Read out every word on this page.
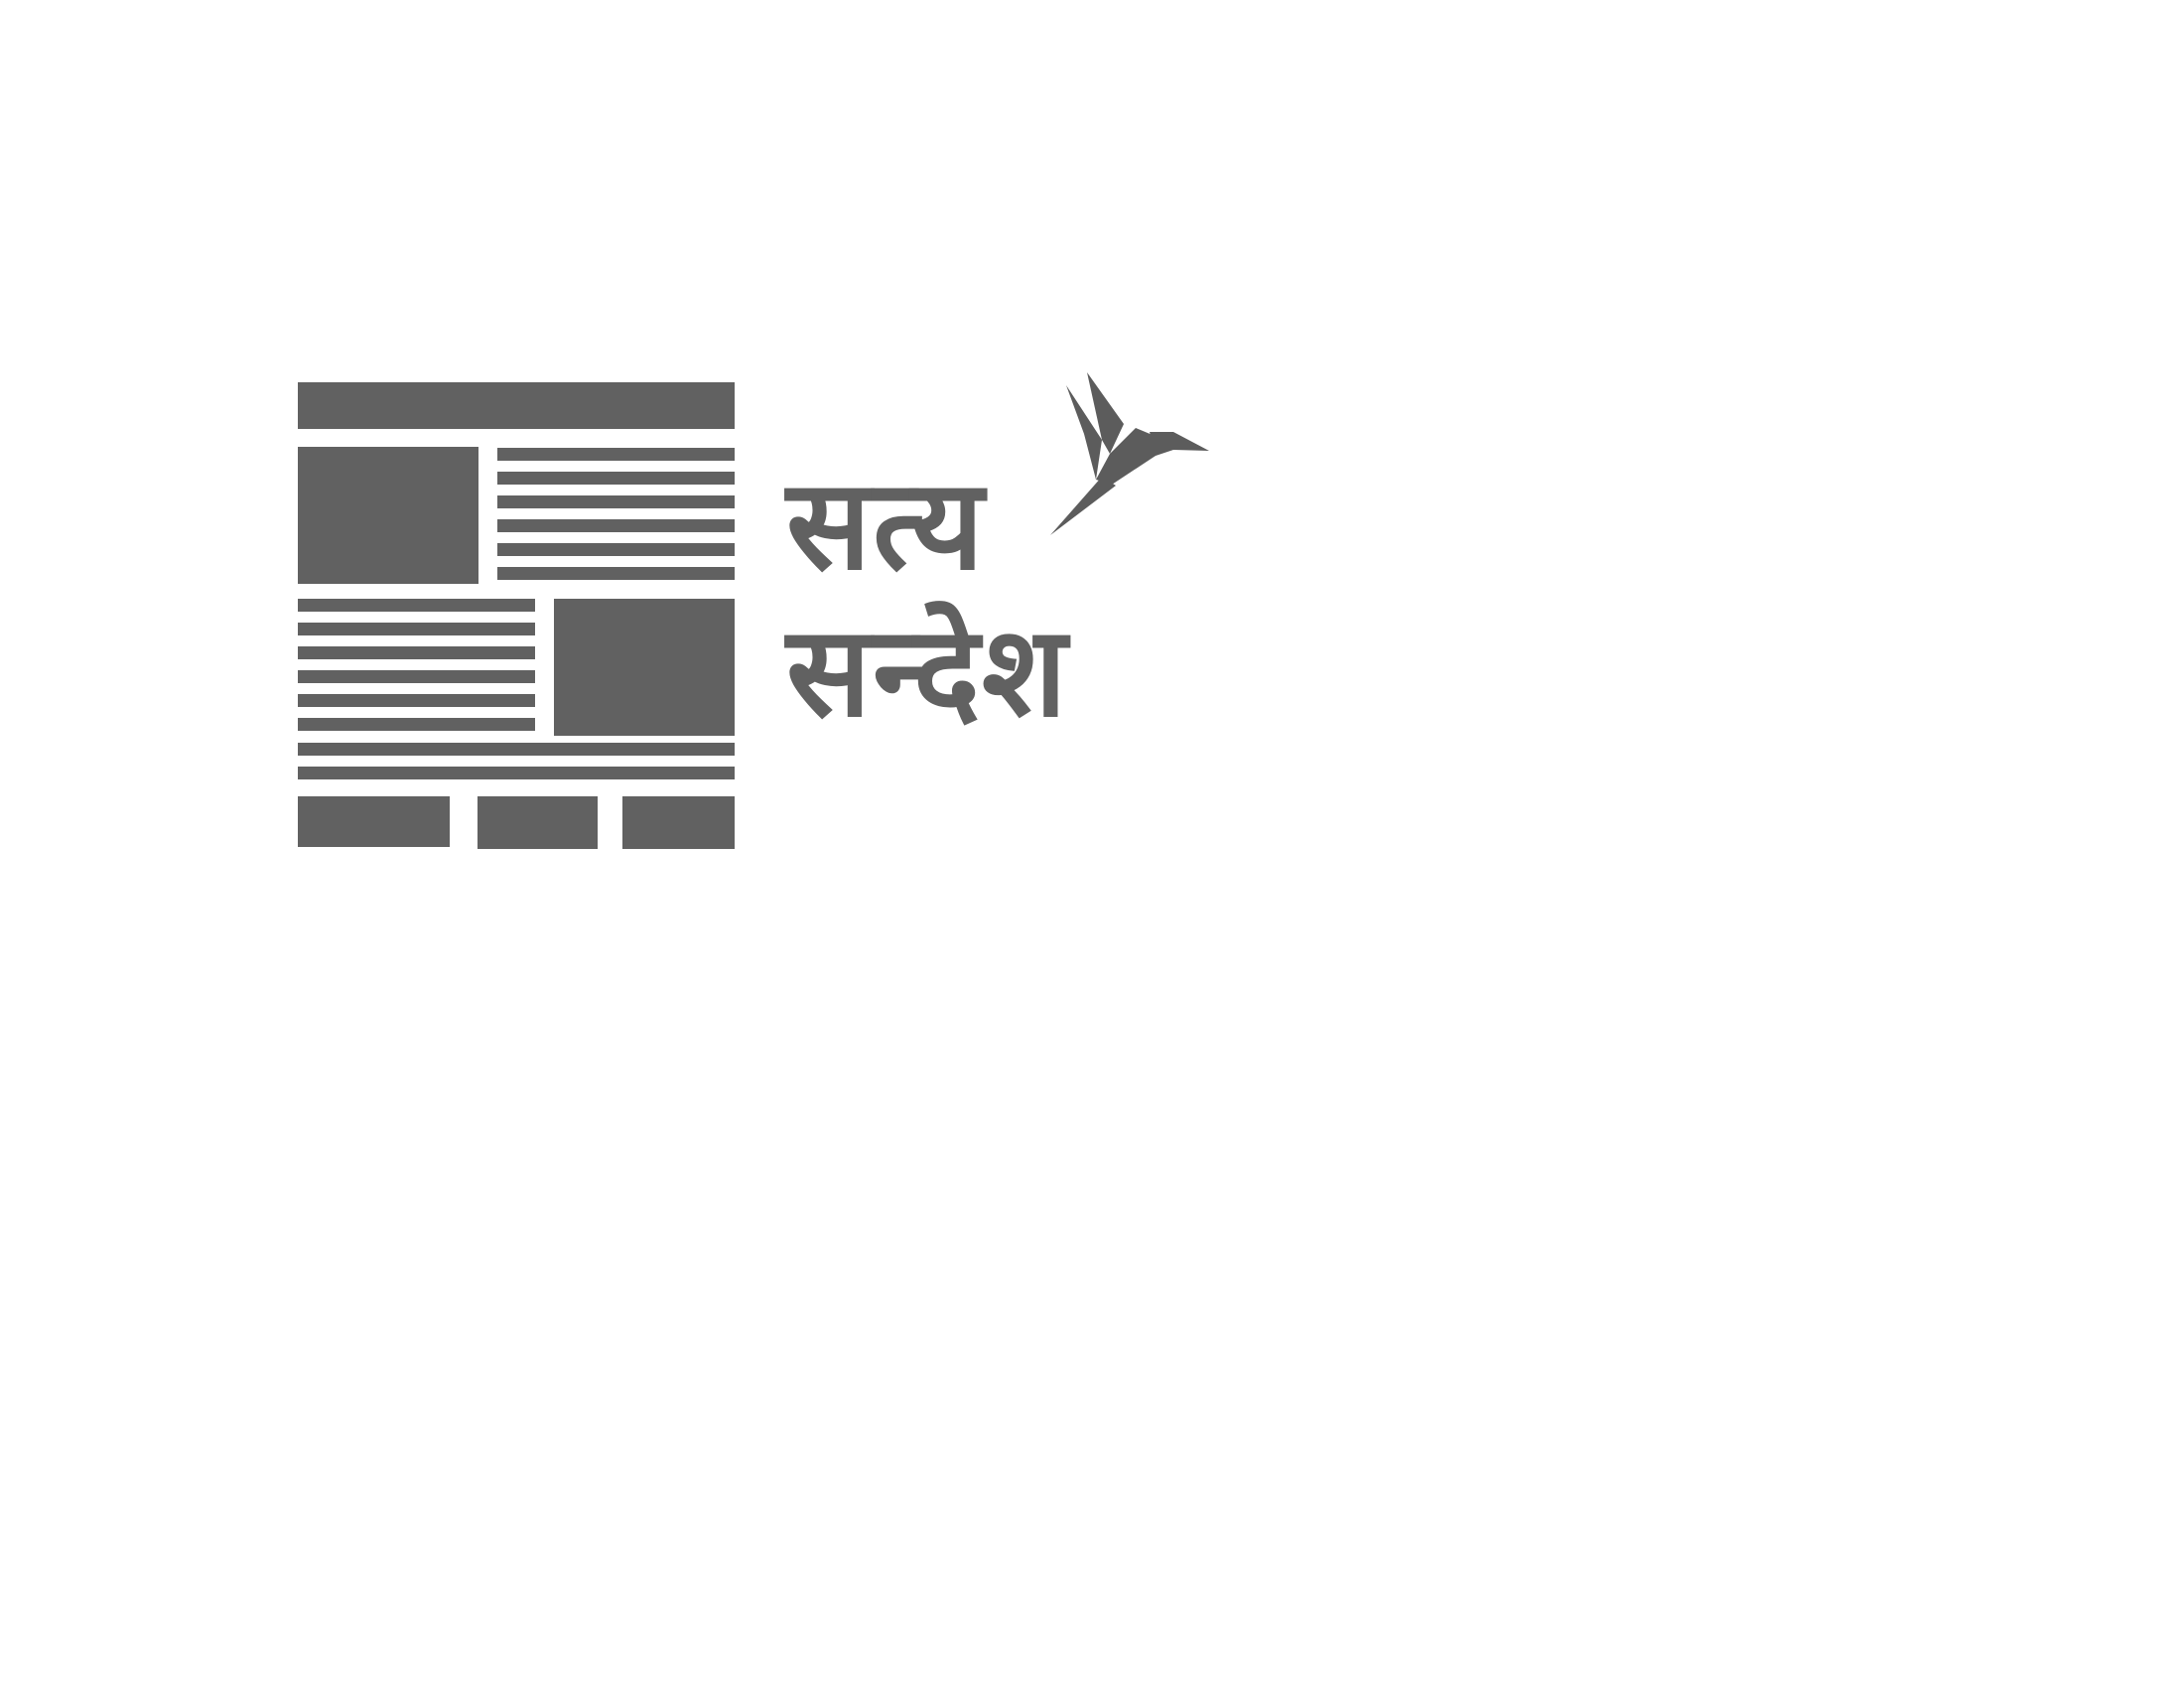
सत्य
सन्देश
